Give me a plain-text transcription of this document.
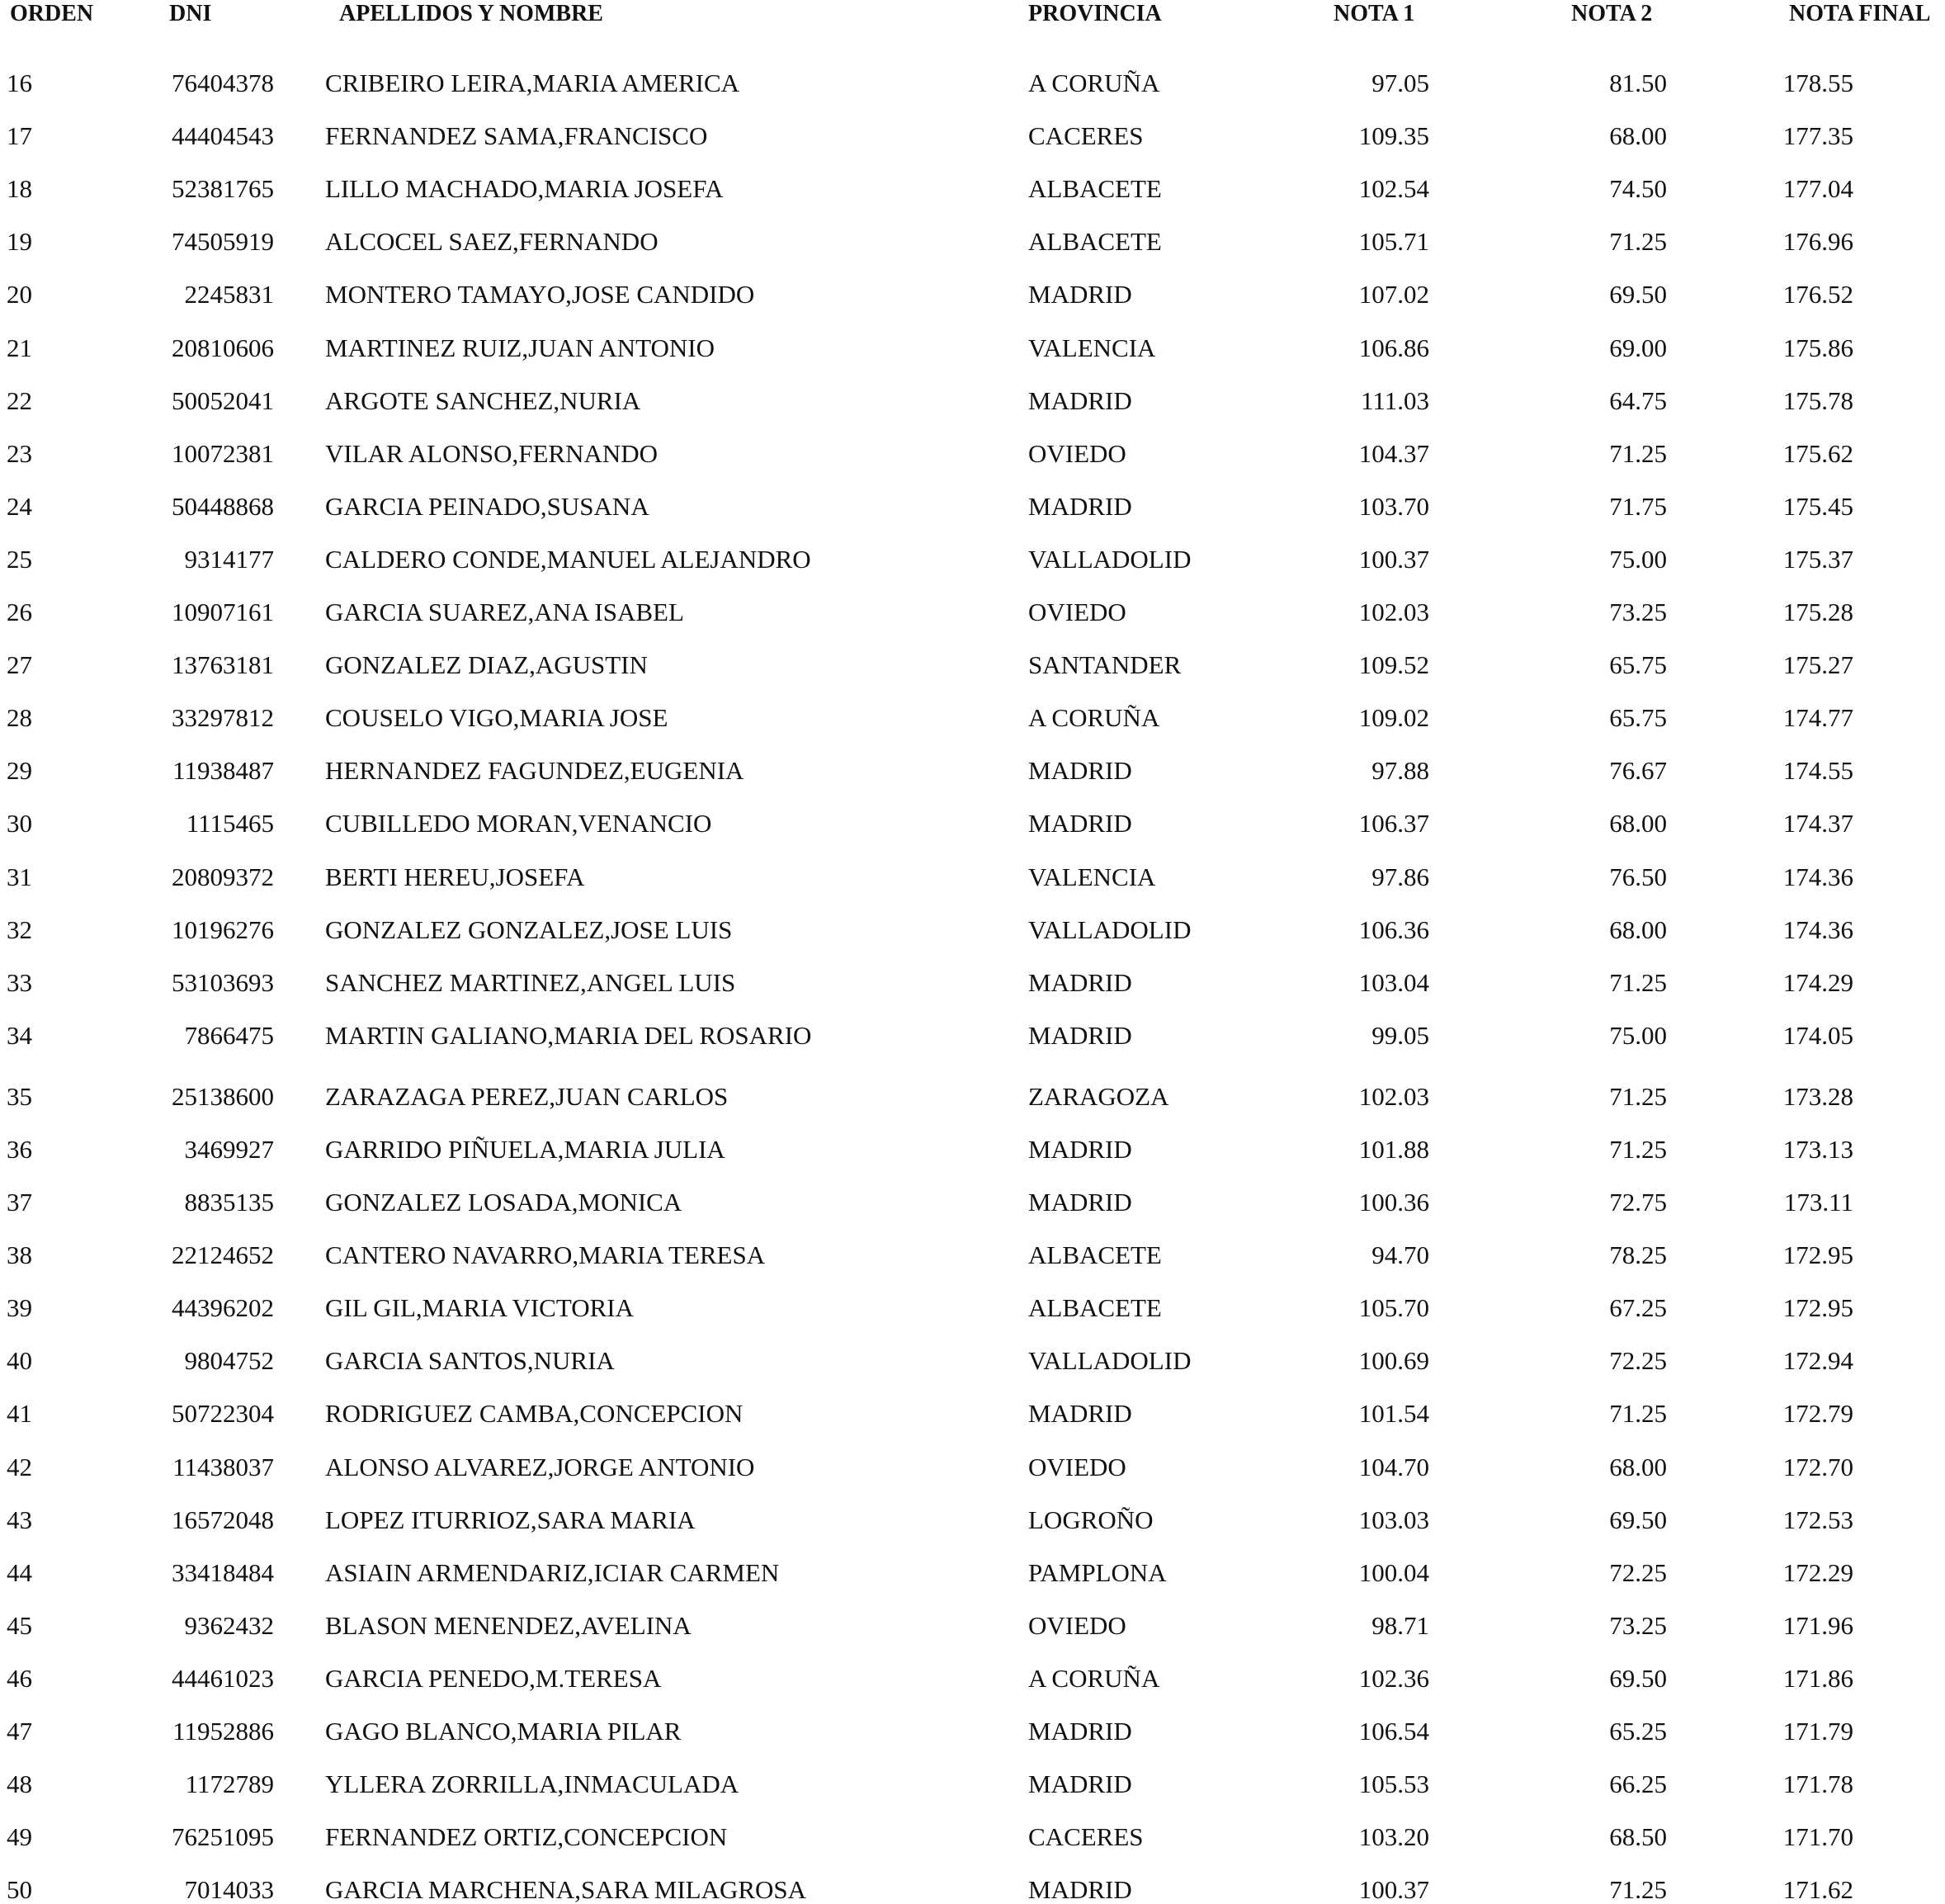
ORDEN	DNI	APELLIDOS Y NOMBRE	PROVINCIA	NOTA 1	NOTA 2	NOTA FINAL
16	76404378 CRIBEIRO LEIRA,MARIA AMERICA	A CORUÑA	97.05	81.50	178.55
17	44404543 FERNANDEZ SAMA,FRANCISCO	CACERES	109.35	68.00	177.35
18	52381765 LILLO MACHADO,MARIA JOSEFA	ALBACETE	102.54	74.50	177.04
19	74505919 ALCOCEL SAEZ,FERNANDO	ALBACETE	105.71	71.25	176.96
20	2245831 MONTERO TAMAYO,JOSE CANDIDO	MADRID	107.02	69.50	176.52
21	20810606 MARTINEZ RUIZ,JUAN ANTONIO	VALENCIA	106.86	69.00	175.86
22	50052041 ARGOTE SANCHEZ,NURIA	MADRID	111.03	64.75	175.78
23	10072381 VILAR ALONSO,FERNANDO	OVIEDO	104.37	71.25	175.62
24	50448868 GARCIA PEINADO,SUSANA	MADRID	103.70	71.75	175.45
25	9314177 CALDERO CONDE,MANUEL ALEJANDRO	VALLADOLID	100.37	75.00	175.37
26	10907161 GARCIA SUAREZ,ANA ISABEL	OVIEDO	102.03	73.25	175.28
27	13763181 GONZALEZ DIAZ,AGUSTIN	SANTANDER	109.52	65.75	175.27
28	33297812 COUSELO VIGO,MARIA JOSE	A CORUÑA	109.02	65.75	174.77
29	11938487 HERNANDEZ FAGUNDEZ,EUGENIA	MADRID	97.88	76.67	174.55
30	1115465 CUBILLEDO MORAN,VENANCIO	MADRID	106.37	68.00	174.37
31	20809372 BERTI HEREU,JOSEFA	VALENCIA	97.86	76.50	174.36
32	10196276 GONZALEZ GONZALEZ,JOSE LUIS	VALLADOLID	106.36	68.00	174.36
33	53103693 SANCHEZ MARTINEZ,ANGEL LUIS	MADRID	103.04	71.25	174.29
34	7866475 MARTIN GALIANO,MARIA DEL ROSARIO	MADRID	99.05	75.00	174.05
35	25138600 ZARAZAGA PEREZ,JUAN CARLOS	ZARAGOZA	102.03	71.25	173.28
36	3469927 GARRIDO PIÑUELA,MARIA JULIA	MADRID	101.88	71.25	173.13
37	8835135 GONZALEZ LOSADA,MONICA	MADRID	100.36	72.75	173.11
38	22124652 CANTERO NAVARRO,MARIA TERESA	ALBACETE	94.70	78.25	172.95
39	44396202 GIL GIL,MARIA VICTORIA	ALBACETE	105.70	67.25	172.95
40	9804752 GARCIA SANTOS,NURIA	VALLADOLID	100.69	72.25	172.94
41	50722304 RODRIGUEZ CAMBA,CONCEPCION	MADRID	101.54	71.25	172.79
42	11438037 ALONSO ALVAREZ,JORGE ANTONIO	OVIEDO	104.70	68.00	172.70
43	16572048 LOPEZ ITURRIOZ,SARA MARIA	LOGROÑO	103.03	69.50	172.53
44	33418484 ASIAIN ARMENDARIZ,ICIAR CARMEN	PAMPLONA	100.04	72.25	172.29
45	9362432 BLASON MENENDEZ,AVELINA	OVIEDO	98.71	73.25	171.96
46	44461023 GARCIA PENEDO,M.TERESA	A CORUÑA	102.36	69.50	171.86
47	11952886 GAGO BLANCO,MARIA PILAR	MADRID	106.54	65.25	171.79
48	1172789 YLLERA ZORRILLA,INMACULADA	MADRID	105.53	66.25	171.78
49	76251095 FERNANDEZ ORTIZ,CONCEPCION	CACERES	103.20	68.50	171.70
50	7014033 GARCIA MARCHENA,SARA MILAGROSA	MADRID	100.37	71.25	171.62
